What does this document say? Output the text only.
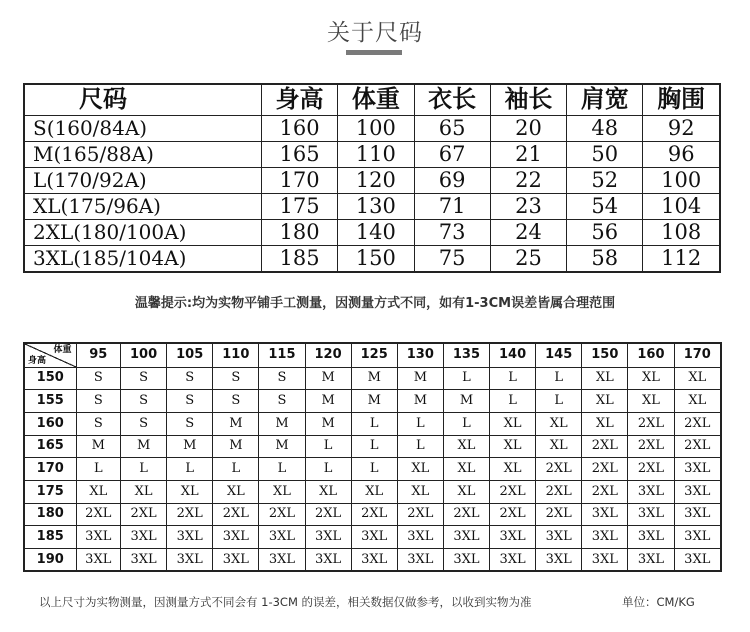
关于尺码
尺码	身高	体重	衣长	袖长	肩宽	胸围
S(160/84A)	160	100	65	20	48	92
M(165/88A)	165	110	67	21	50	96
L(170/92A)	170	120	69	22	52	100
XL(175/96A)	175	130	71	23	54	104
2XL(180/100A)	180	140	73	24	56	108
3XL(185/104A)	185	150	75	25	58	112
温馨提示:均为实物平铺手工测量，因测量方式不同，如有1-3CM误差皆属合理范围
体重
身高	95	100	105	110	115	120	125	130	135	140	145	150	160	170
150	S	S	S	S	S	M	M	M	L	L	L	XL	XL	XL
155	S	S	S	S	S	M	M	M	M	L	L	XL	XL	XL
160	S	S	S	M	M	M	L	L	L	XL	XL	XL	2XL	2XL
165	M	M	M	M	M	L	L	L	XL	XL	XL	2XL	2XL	2XL
170	L	L	L	L	L	L	L	XL	XL	XL	2XL	2XL	2XL	3XL
175	XL	XL	XL	XL	XL	XL	XL	XL	XL	2XL	2XL	2XL	3XL	3XL
180	2XL	2XL	2XL	2XL	2XL	2XL	2XL	2XL	2XL	2XL	2XL	3XL	3XL	3XL
185	3XL	3XL	3XL	3XL	3XL	3XL	3XL	3XL	3XL	3XL	3XL	3XL	3XL	3XL
190	3XL	3XL	3XL	3XL	3XL	3XL	3XL	3XL	3XL	3XL	3XL	3XL	3XL	3XL
以上尺寸为实物测量，因测量方式不同会有 1-3CM 的误差，相关数据仅做参考，以收到实物为准	单位：CM/KG
